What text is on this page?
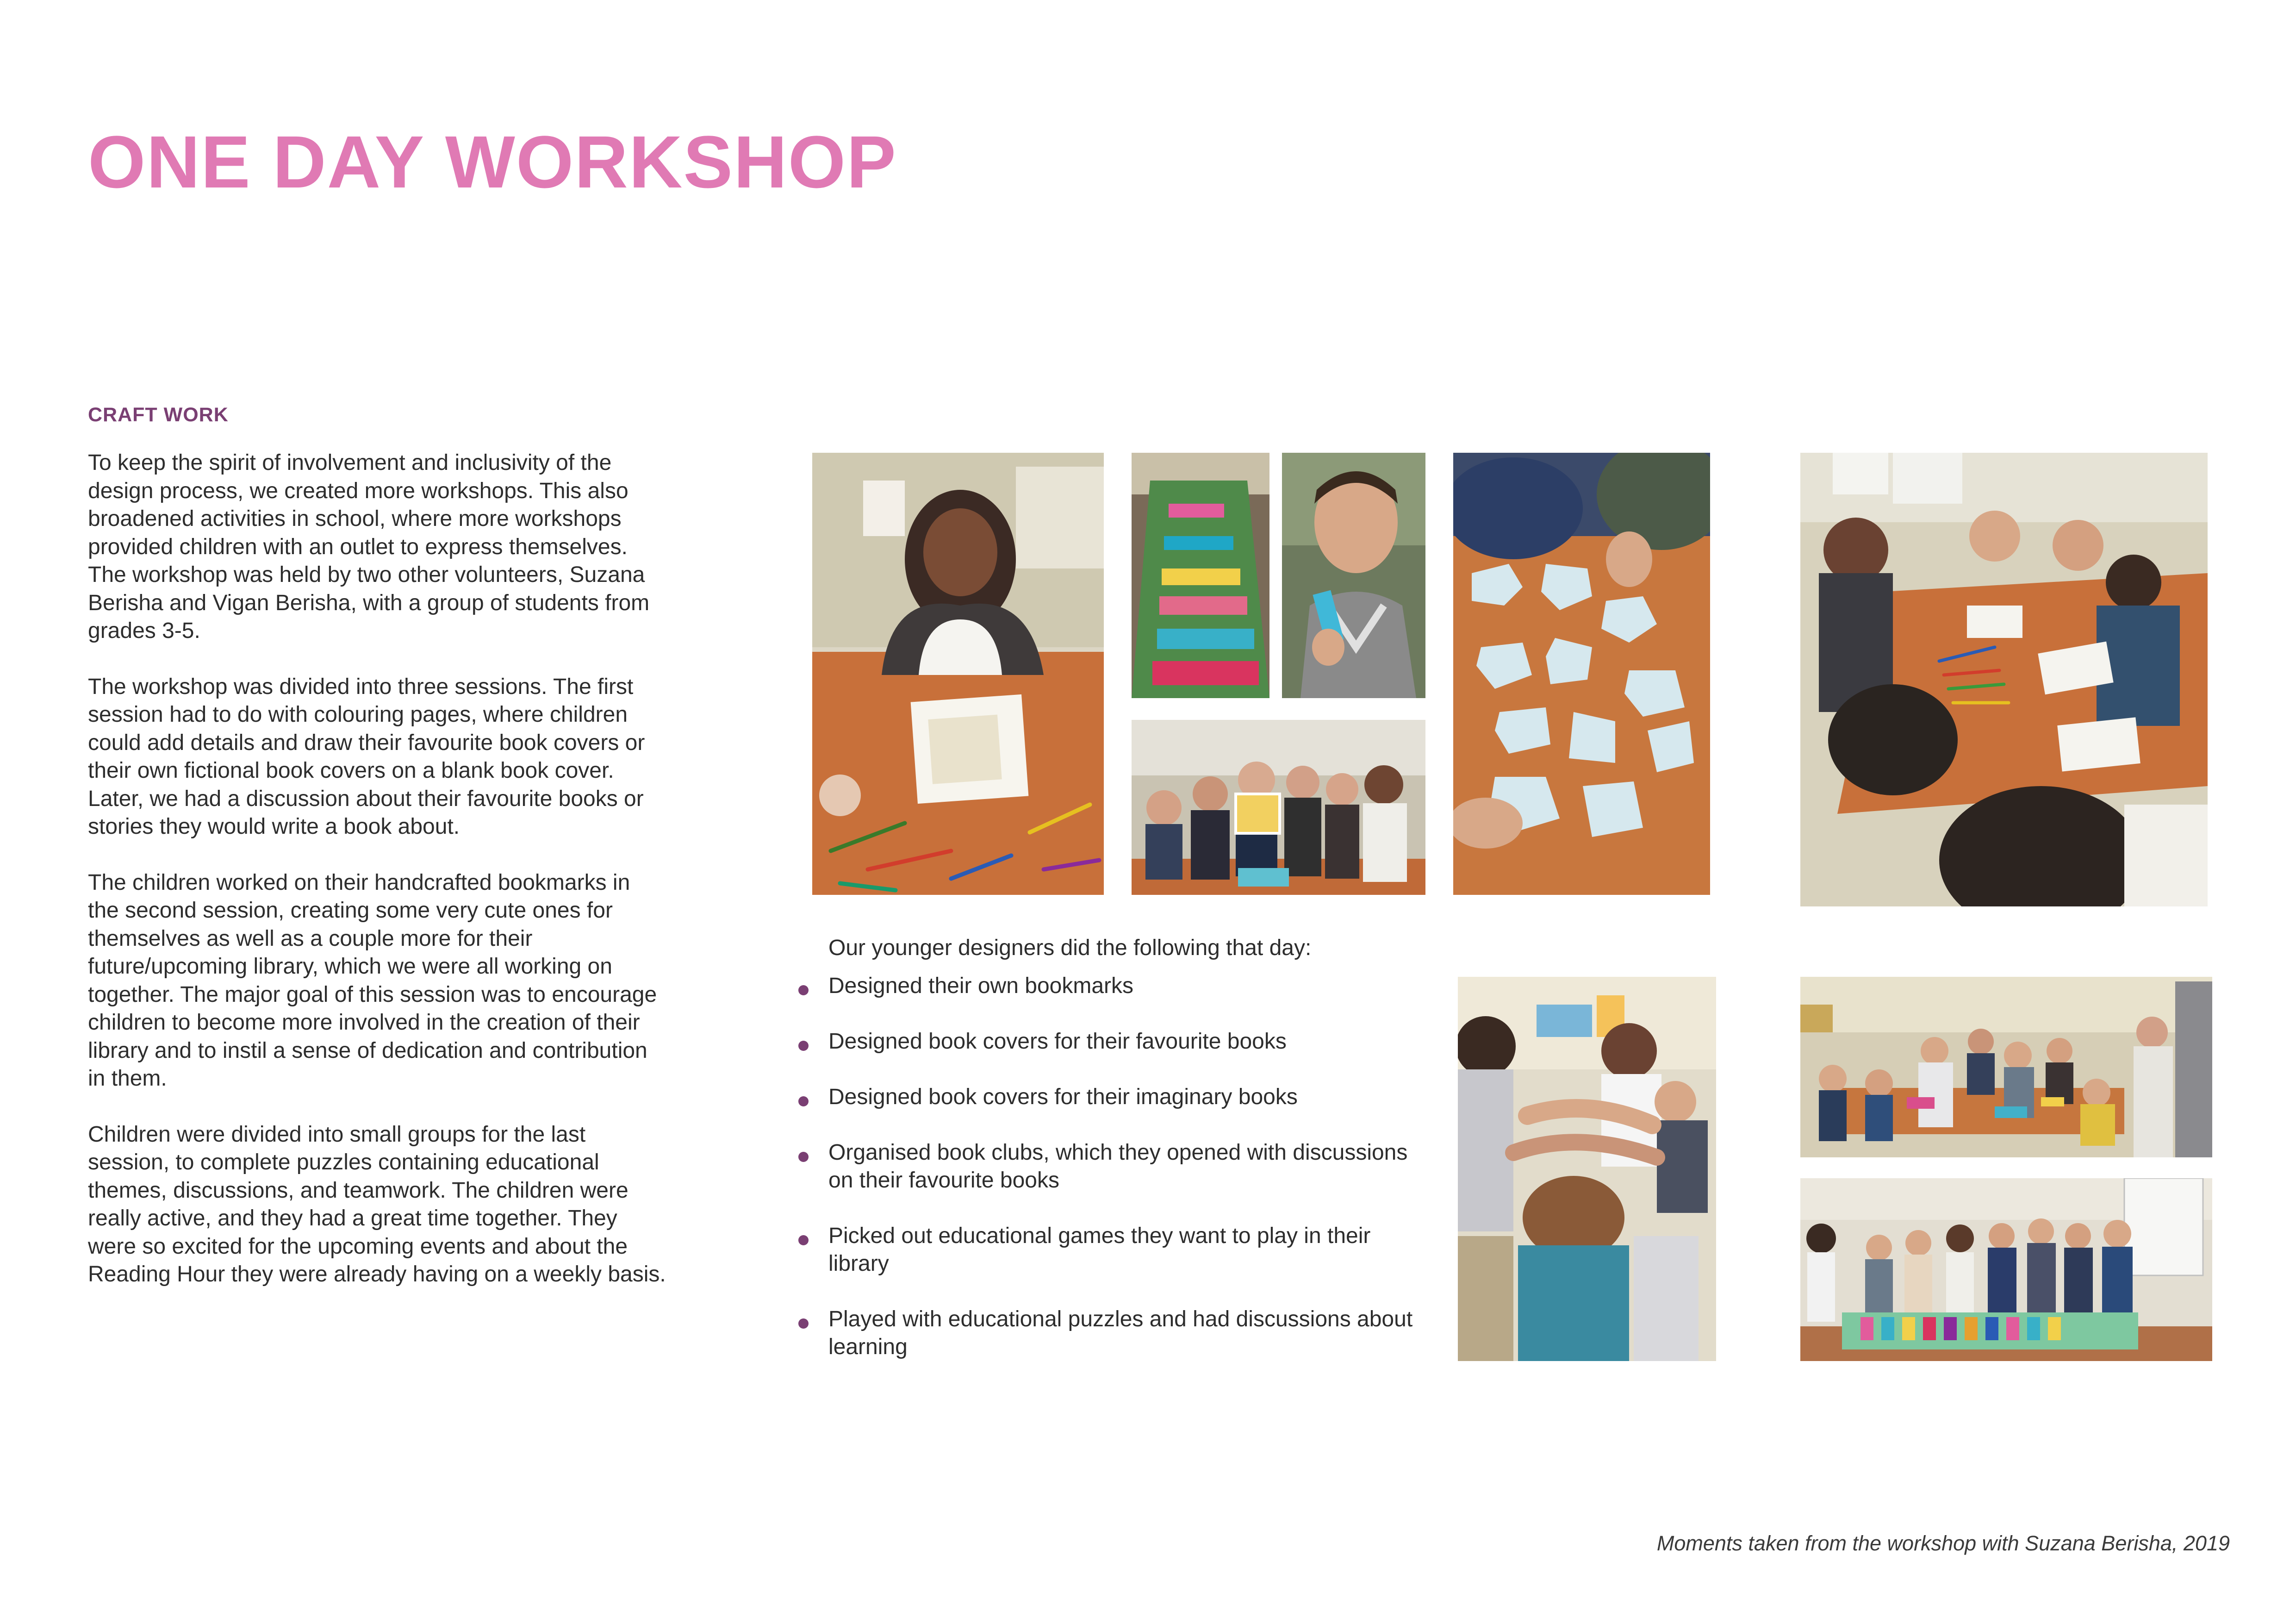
ONE DAY WORKSHOP
CRAFT WORK

To keep the spirit of involvement and inclusivity of the design process, we created more workshops. This also broadened activities in school, where more workshops provided children with an outlet to express themselves. The workshop was held by two other volunteers, Suzana Berisha and Vigan Berisha, with a group of students from grades 3-5.

The workshop was divided into three sessions. The first session had to do with colouring pages, where children could add details and draw their favourite book covers or their own fictional book covers on a blank book cover. Later, we had a discussion about their favourite books or stories they would write a book about.

The children worked on their handcrafted bookmarks in the second session, creating some very cute ones for themselves as well as a couple more for their future/upcoming library, which we were all working on together. The major goal of this session was to encourage children to become more involved in the creation of their library and to instil a sense of dedication and contribution in them.

Children were divided into small groups for the last session, to complete puzzles containing educational themes, discussions, and teamwork. The children were really active, and they had a great time together. They were so excited for the upcoming events and about the Reading Hour they were already having on a weekly basis.

Our younger designers did the following that day:

Designed their own bookmarks
Designed book covers for their favourite books
Designed book covers for their imaginary books
Organised book clubs, which they opened with discussions on their favourite books
Picked out educational games they want to play in their library
Played with educational puzzles and had discussions about learning

Moments taken from the workshop with Suzana Berisha, 2019
